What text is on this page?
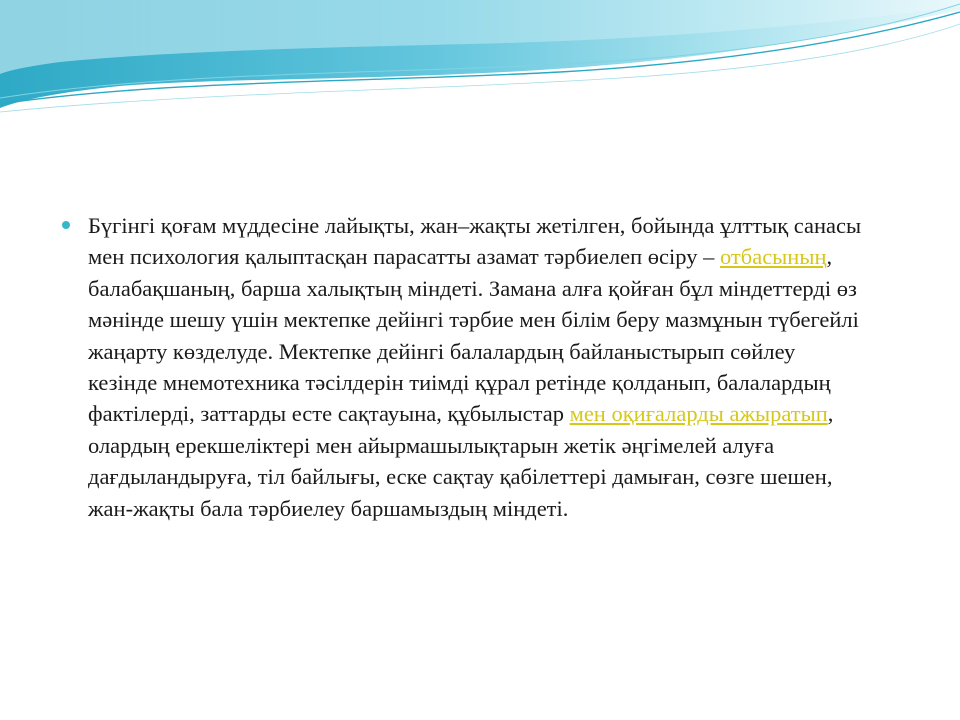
Бүгінгі қоғам мүддесіне лайықты, жан–жақты жетілген, бойында ұлттық санасы мен психология қалыптасқан парасатты азамат тәрбиелеп өсіру – отбасының, балабақшаның, барша халықтың міндеті. Замана алға қойған бұл міндеттерді өз мәнінде шешу үшін мектепке дейінгі тәрбие мен білім беру мазмұнын түбегейлі жаңарту көзделуде. Мектепке дейінгі балалардың байланыстырып сөйлеу кезінде мнемотехника тәсілдерін тиімді құрал ретінде қолданып, балалардың фактілерді, заттарды есте сақтауына, құбылыстар мен оқиғаларды ажыратып, олардың ерекшеліктері мен айырмашылықтарын жетік әңгімелей алуға дағдыландыруға, тіл байлығы, еске сақтау қабілеттері дамыған, сөзге шешен, жан-жақты бала тәрбиелеу баршамыздың міндеті.
